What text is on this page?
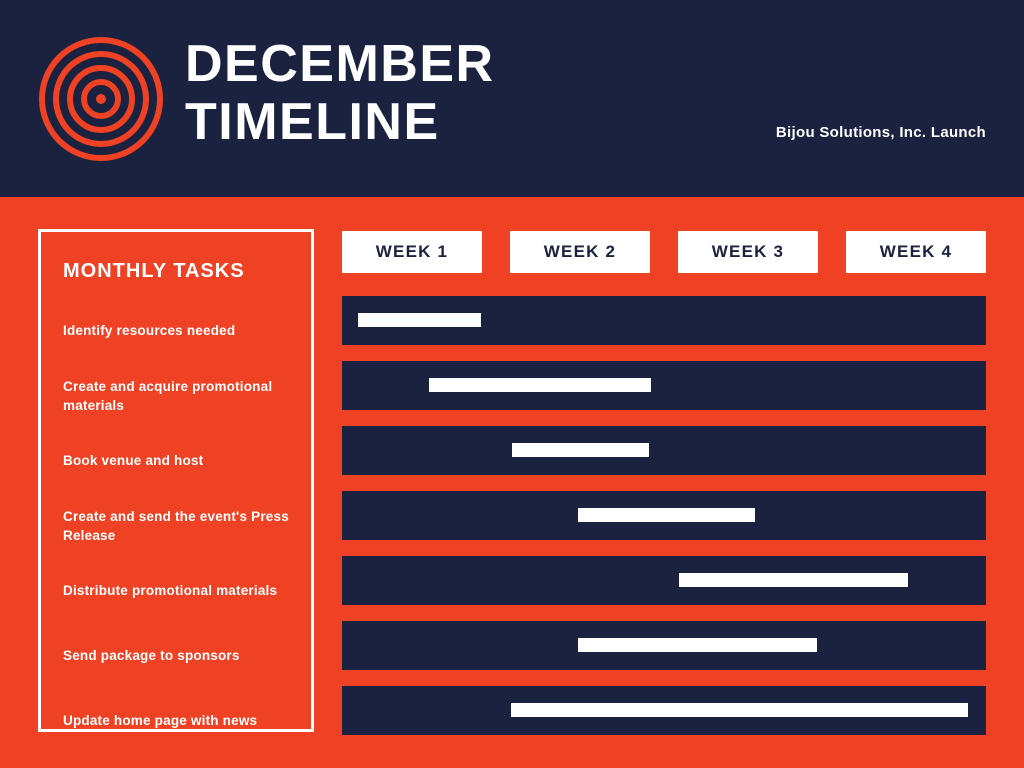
DECEMBER
TIMELINE	Bijou Solutions, Inc. Launch
MONTHLY TASKS
Identify resources needed
Create and acquire promotional materials
Book venue and host
Create and send the event's Press Release
Distribute promotional materials
Send package to sponsors
Update home page with news
WEEK 1	WEEK 2	WEEK 3	WEEK 4
